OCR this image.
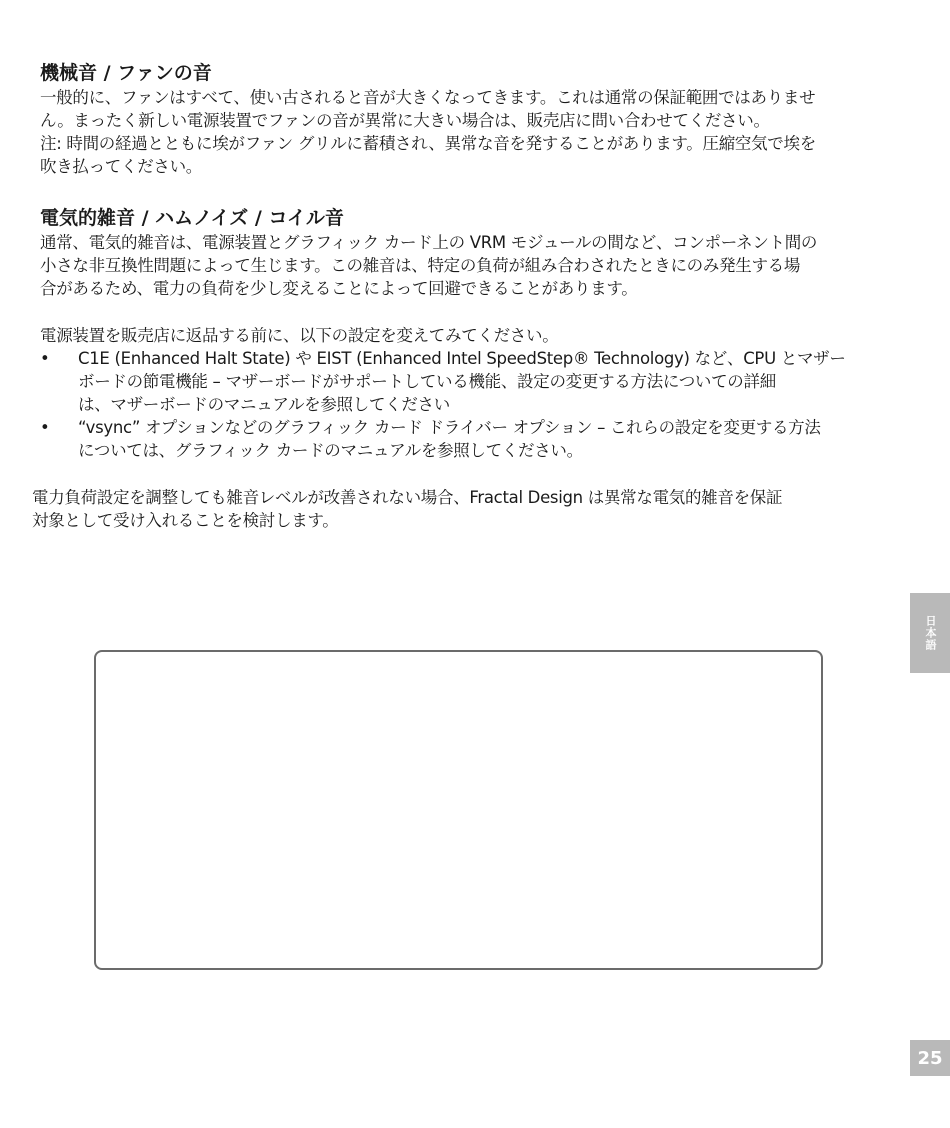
機械音 / ファンの音

一般的に、ファンはすべて、使い古されると音が大きくなってきます。これは通常の保証範囲ではありませ
ん。まったく新しい電源装置でファンの音が異常に大きい場合は、販売店に問い合わせてください。

注: 時間の経過とともに埃がファン グリルに蓄積され、異常な音を発することがあります。圧縮空気で埃を
吹き払ってください。

電気的雑音 / ハムノイズ / コイル音

通常、電気的雑音は、電源装置とグラフィック カード上の VRM モジュールの間など、コンポーネント間の
小さな非互換性問題によって生じます。この雑音は、特定の負荷が組み合わされたときにのみ発生する場
合があるため、電力の負荷を少し変えることによって回避できることがあります。

電源装置を販売店に返品する前に、以下の設定を変えてみてください。

• C1E (Enhanced Halt State) や EIST (Enhanced Intel SpeedStep® Technology) など、CPU とマザー
ボードの節電機能 – マザーボードがサポートしている機能、設定の変更する方法についての詳細
は、マザーボードのマニュアルを参照してください
• “vsync” オプションなどのグラフィック カード ドライバー オプション – これらの設定を変更する方法
については、グラフィック カードのマニュアルを参照してください。

電力負荷設定を調整しても雑音レベルが改善されない場合、Fractal Design は異常な電気的雑音を保証
対象として受け入れることを検討します。

日本語
25
